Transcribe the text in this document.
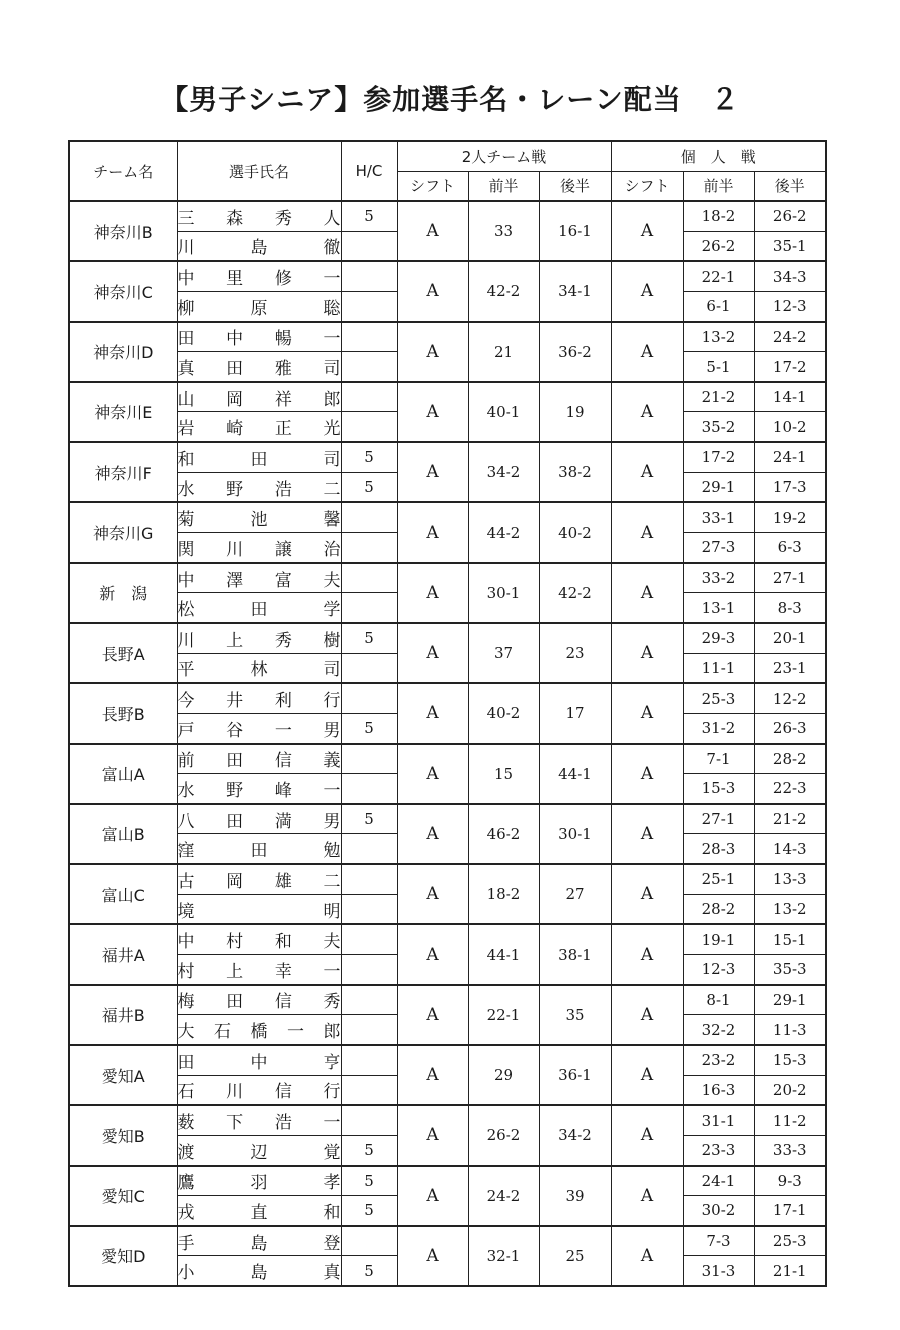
【男子シニア】参加選手名・レーン配当　２
チーム名	選手氏名	H/C	2人チーム戦			個　人　戦		
			シフト	前半	後半	シフト	前半	後半
神奈川B	三森秀人	5	A	33	16-1	A	18-2	26-2
	川島徹						26-2	35-1
神奈川C	中里修一		A	42-2	34-1	A	22-1	34-3
	柳原聡						6-1	12-3
神奈川D	田中暢一		A	21	36-2	A	13-2	24-2
	真田雅司						5-1	17-2
神奈川E	山岡祥郎		A	40-1	19	A	21-2	14-1
	岩崎正光						35-2	10-2
神奈川F	和田司	5	A	34-2	38-2	A	17-2	24-1
	水野浩二	5					29-1	17-3
神奈川G	菊池馨		A	44-2	40-2	A	33-1	19-2
	関川譲治						27-3	6-3
新　潟	中澤富夫		A	30-1	42-2	A	33-2	27-1
	松田学						13-1	8-3
長野A	川上秀樹	5	A	37	23	A	29-3	20-1
	平林司						11-1	23-1
長野B	今井利行		A	40-2	17	A	25-3	12-2
	戸谷一男	5					31-2	26-3
富山A	前田信義		A	15	44-1	A	7-1	28-2
	水野峰一						15-3	22-3
富山B	八田満男	5	A	46-2	30-1	A	27-1	21-2
	窪田勉						28-3	14-3
富山C	古岡雄二		A	18-2	27	A	25-1	13-3
	境明						28-2	13-2
福井A	中村和夫		A	44-1	38-1	A	19-1	15-1
	村上幸一						12-3	35-3
福井B	梅田信秀		A	22-1	35	A	8-1	29-1
	大石橋一郎						32-2	11-3
愛知A	田中亨		A	29	36-1	A	23-2	15-3
	石川信行						16-3	20-2
愛知B	薮下浩一		A	26-2	34-2	A	31-1	11-2
	渡辺覚	5					23-3	33-3
愛知C	鷹羽孝	5	A	24-2	39	A	24-1	9-3
	戎直和	5					30-2	17-1
愛知D	手島登		A	32-1	25	A	7-3	25-3
	小島真	5					31-3	21-1
